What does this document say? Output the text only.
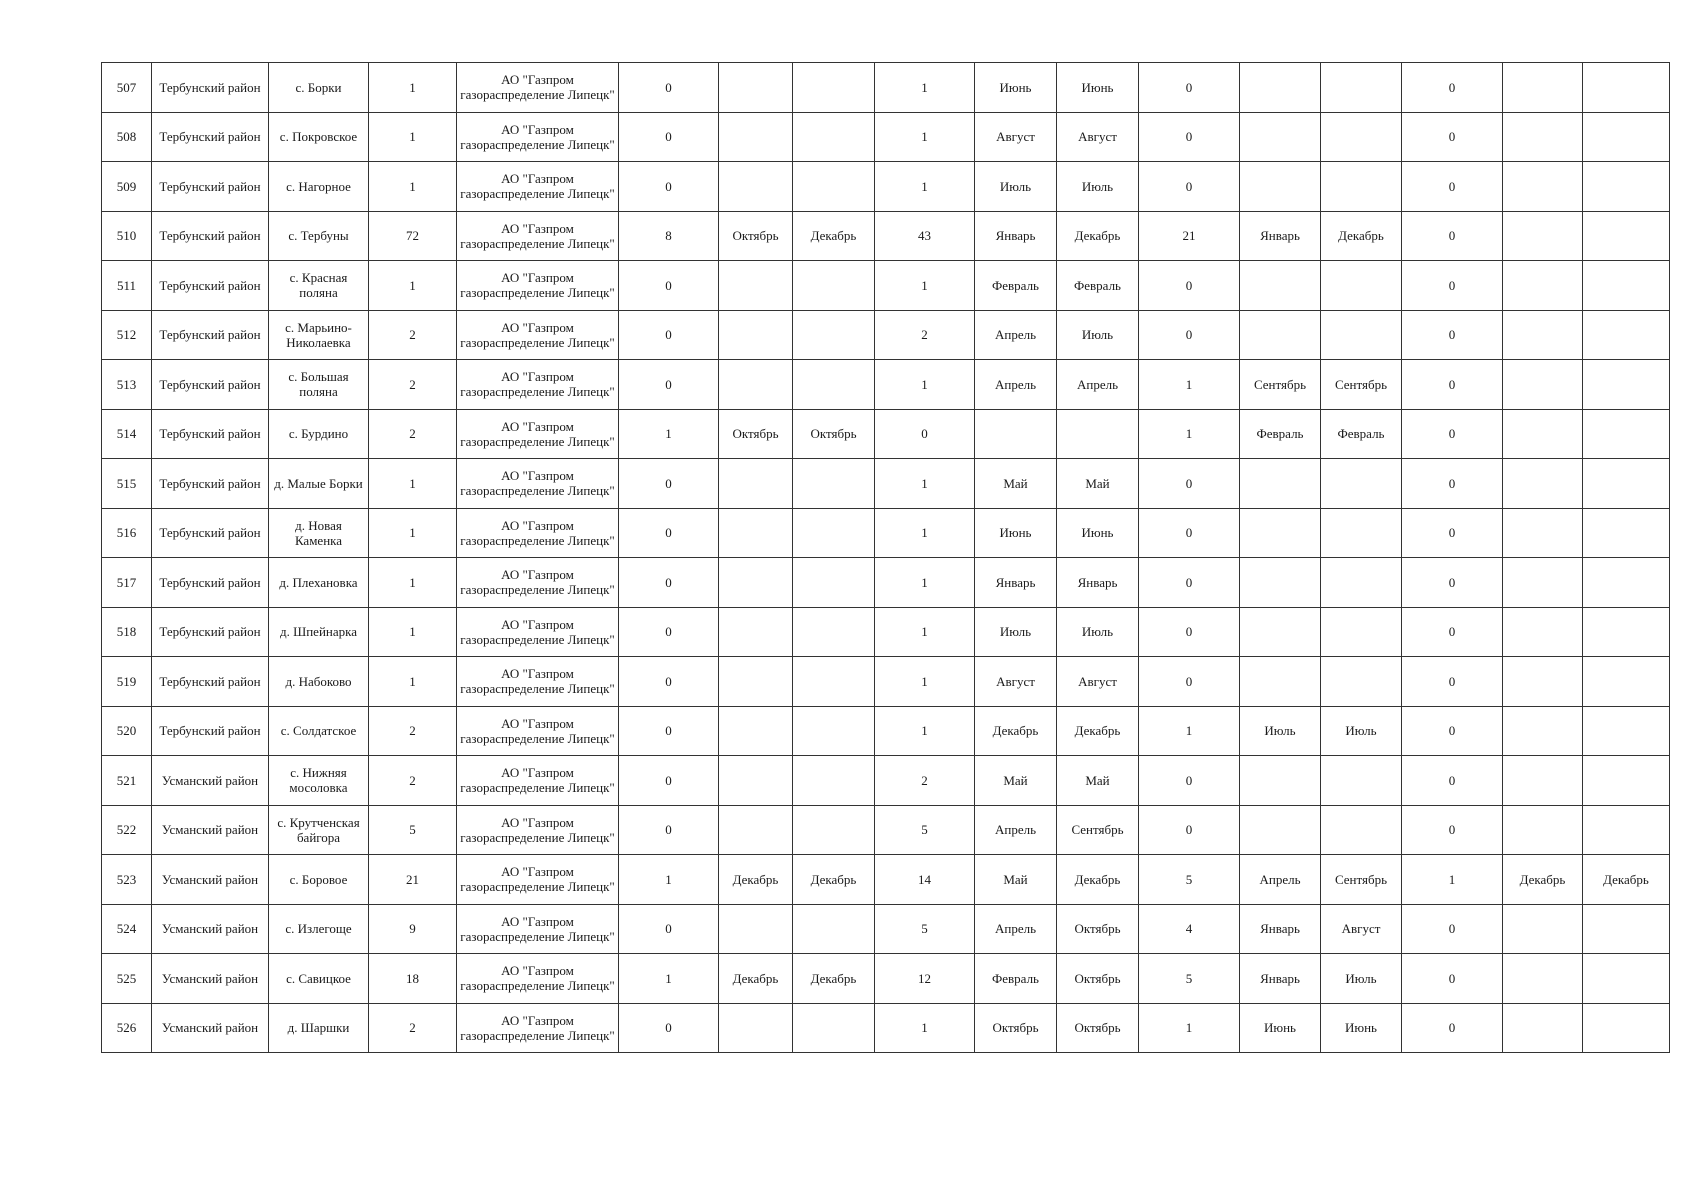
507	Тербунский район	с. Борки	1	АО "Газпром газораспределение Липецк"	0			1	Июнь	Июнь	0			0		
508	Тербунский район	с. Покровское	1	АО "Газпром газораспределение Липецк"	0			1	Август	Август	0			0		
509	Тербунский район	с. Нагорное	1	АО "Газпром газораспределение Липецк"	0			1	Июль	Июль	0			0		
510	Тербунский район	с. Тербуны	72	АО "Газпром газораспределение Липецк"	8	Октябрь	Декабрь	43	Январь	Декабрь	21	Январь	Декабрь	0		
511	Тербунский район	с. Красная поляна	1	АО "Газпром газораспределение Липецк"	0			1	Февраль	Февраль	0			0		
512	Тербунский район	с. Марьино-Николаевка	2	АО "Газпром газораспределение Липецк"	0			2	Апрель	Июль	0			0		
513	Тербунский район	с. Большая поляна	2	АО "Газпром газораспределение Липецк"	0			1	Апрель	Апрель	1	Сентябрь	Сентябрь	0		
514	Тербунский район	с. Бурдино	2	АО "Газпром газораспределение Липецк"	1	Октябрь	Октябрь	0			1	Февраль	Февраль	0		
515	Тербунский район	д. Малые Борки	1	АО "Газпром газораспределение Липецк"	0			1	Май	Май	0			0		
516	Тербунский район	д. Новая Каменка	1	АО "Газпром газораспределение Липецк"	0			1	Июнь	Июнь	0			0		
517	Тербунский район	д. Плехановка	1	АО "Газпром газораспределение Липецк"	0			1	Январь	Январь	0			0		
518	Тербунский район	д. Шпейнарка	1	АО "Газпром газораспределение Липецк"	0			1	Июль	Июль	0			0		
519	Тербунский район	д. Набоково	1	АО "Газпром газораспределение Липецк"	0			1	Август	Август	0			0		
520	Тербунский район	с. Солдатское	2	АО "Газпром газораспределение Липецк"	0			1	Декабрь	Декабрь	1	Июль	Июль	0		
521	Усманский район	с. Нижняя мосоловка	2	АО "Газпром газораспределение Липецк"	0			2	Май	Май	0			0		
522	Усманский район	с. Крутченская байгора	5	АО "Газпром газораспределение Липецк"	0			5	Апрель	Сентябрь	0			0		
523	Усманский район	с. Боровое	21	АО "Газпром газораспределение Липецк"	1	Декабрь	Декабрь	14	Май	Декабрь	5	Апрель	Сентябрь	1	Декабрь	Декабрь
524	Усманский район	с. Излегоще	9	АО "Газпром газораспределение Липецк"	0			5	Апрель	Октябрь	4	Январь	Август	0		
525	Усманский район	с. Савицкое	18	АО "Газпром газораспределение Липецк"	1	Декабрь	Декабрь	12	Февраль	Октябрь	5	Январь	Июль	0		
526	Усманский район	д. Шаршки	2	АО "Газпром газораспределение Липецк"	0			1	Октябрь	Октябрь	1	Июнь	Июнь	0		
